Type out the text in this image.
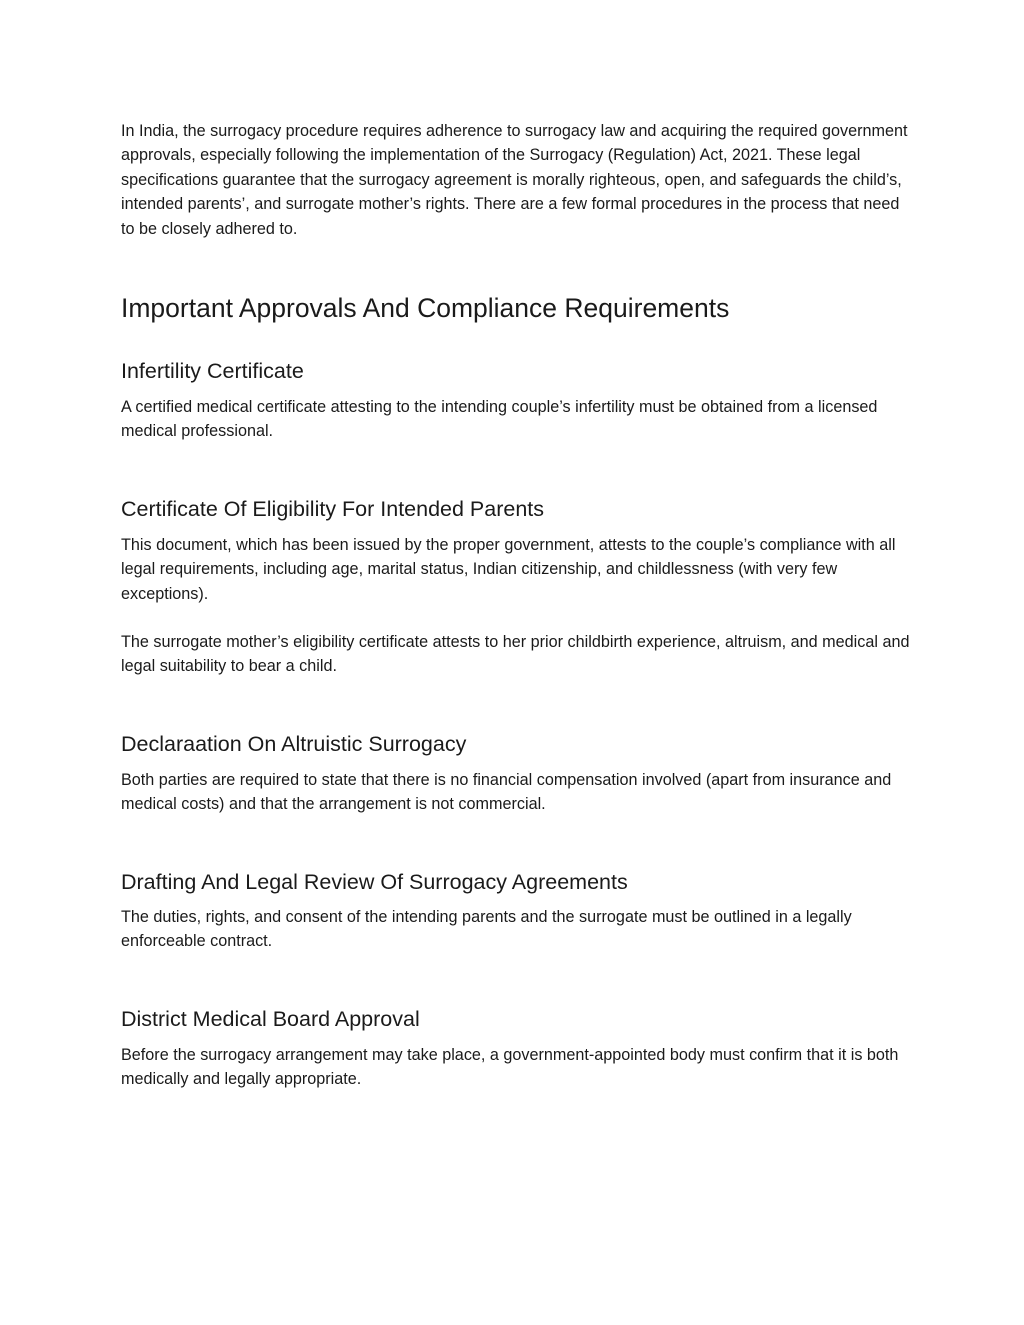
In India, the surrogacy procedure requires adherence to surrogacy law and acquiring the required government approvals, especially following the implementation of the Surrogacy (Regulation) Act, 2021. These legal specifications guarantee that the surrogacy agreement is morally righteous, open, and safeguards the child’s, intended parents’, and surrogate mother’s rights. There are a few formal procedures in the process that need to be closely adhered to.

Important Approvals And Compliance Requirements
Infertility Certificate

A certified medical certificate attesting to the intending couple’s infertility must be obtained from a licensed medical professional.

Certificate Of Eligibility For Intended Parents

This document, which has been issued by the proper government, attests to the couple’s compliance with all legal requirements, including age, marital status, Indian citizenship, and childlessness (with very few exceptions).

The surrogate mother’s eligibility certificate attests to her prior childbirth experience, altruism, and medical and legal suitability to bear a child.

Declaraation On Altruistic Surrogacy

Both parties are required to state that there is no financial compensation involved (apart from insurance and medical costs) and that the arrangement is not commercial.

Drafting And Legal Review Of Surrogacy Agreements

The duties, rights, and consent of the intending parents and the surrogate must be outlined in a legally enforceable contract.

District Medical Board Approval

Before the surrogacy arrangement may take place, a government-appointed body must confirm that it is both medically and legally appropriate.
